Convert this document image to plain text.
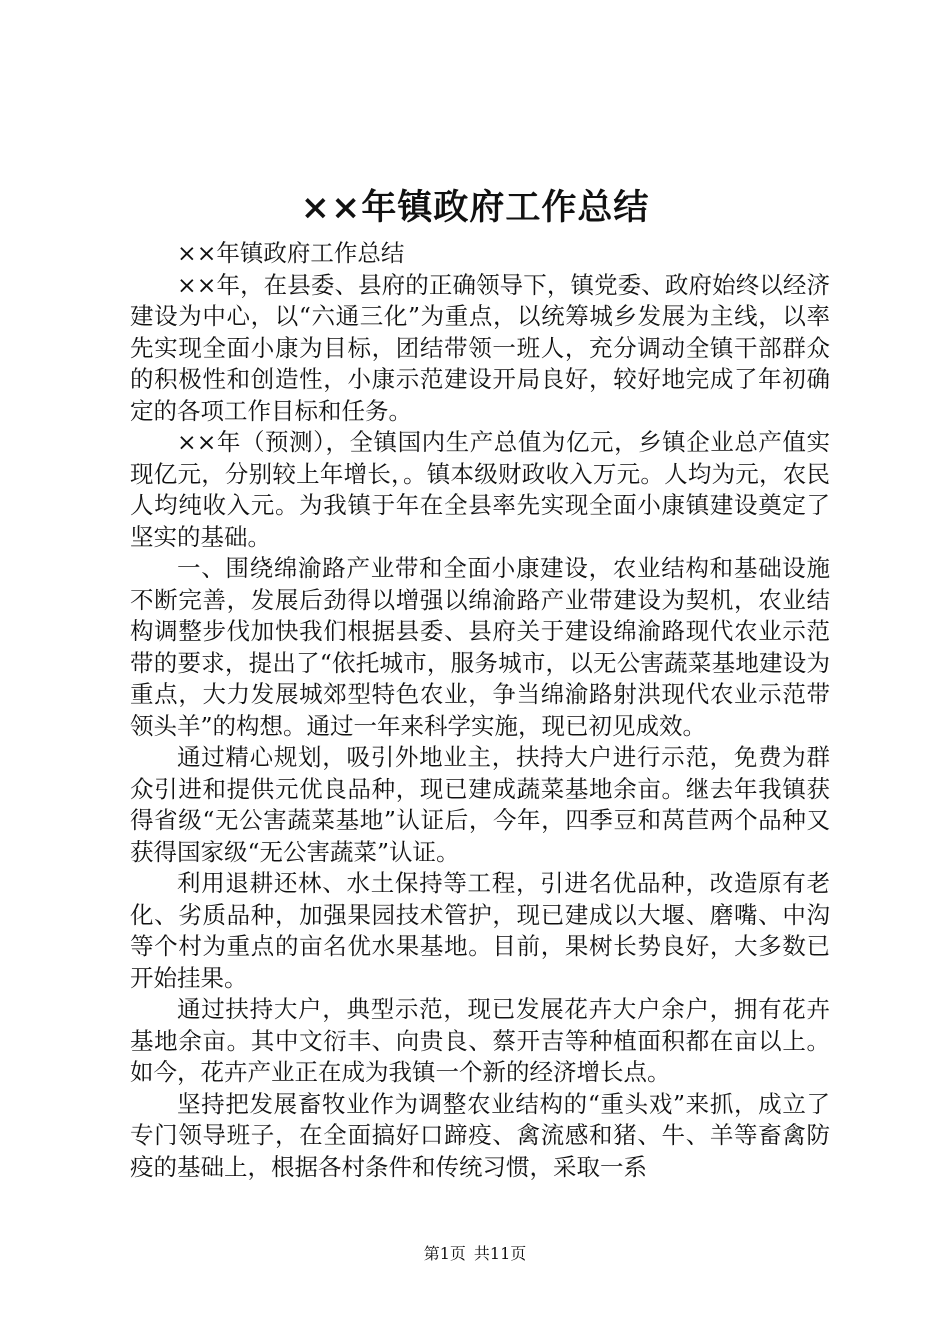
××年镇政府工作总结

××年镇政府工作总结

××年，在县委、县府的正确领导下，镇党委、政府始终以经济建设为中心，以“六通三化”为重点，以统筹城乡发展为主线，以率先实现全面小康为目标，团结带领一班人，充分调动全镇干部群众的积极性和创造性，小康示范建设开局良好，较好地完成了年初确定的各项工作目标和任务。

××年（预测），全镇国内生产总值为亿元，乡镇企业总产值实现亿元，分别较上年增长，。镇本级财政收入万元。人均为元，农民人均纯收入元。为我镇于年在全县率先实现全面小康镇建设奠定了坚实的基础。

一、围绕绵渝路产业带和全面小康建设，农业结构和基础设施不断完善，发展后劲得以增强以绵渝路产业带建设为契机，农业结构调整步伐加快我们根据县委、县府关于建设绵渝路现代农业示范带的要求，提出了“依托城市，服务城市，以无公害蔬菜基地建设为重点，大力发展城郊型特色农业，争当绵渝路射洪现代农业示范带领头羊”的构想。通过一年来科学实施，现已初见成效。

通过精心规划，吸引外地业主，扶持大户进行示范，免费为群众引进和提供元优良品种，现已建成蔬菜基地余亩。继去年我镇获得省级“无公害蔬菜基地”认证后，今年，四季豆和莴苣两个品种又获得国家级“无公害蔬菜”认证。

利用退耕还林、水土保持等工程，引进名优品种，改造原有老化、劣质品种，加强果园技术管护，现已建成以大堰、磨嘴、中沟等个村为重点的亩名优水果基地。目前，果树长势良好，大多数已开始挂果。

通过扶持大户，典型示范，现已发展花卉大户余户，拥有花卉基地余亩。其中文衍丰、向贵良、蔡开吉等种植面积都在亩以上。如今，花卉产业正在成为我镇一个新的经济增长点。

坚持把发展畜牧业作为调整农业结构的“重头戏”来抓，成立了专门领导班子，在全面搞好口蹄疫、禽流感和猪、牛、羊等畜禽防疫的基础上，根据各村条件和传统习惯，采取一系

第1页 共11页
